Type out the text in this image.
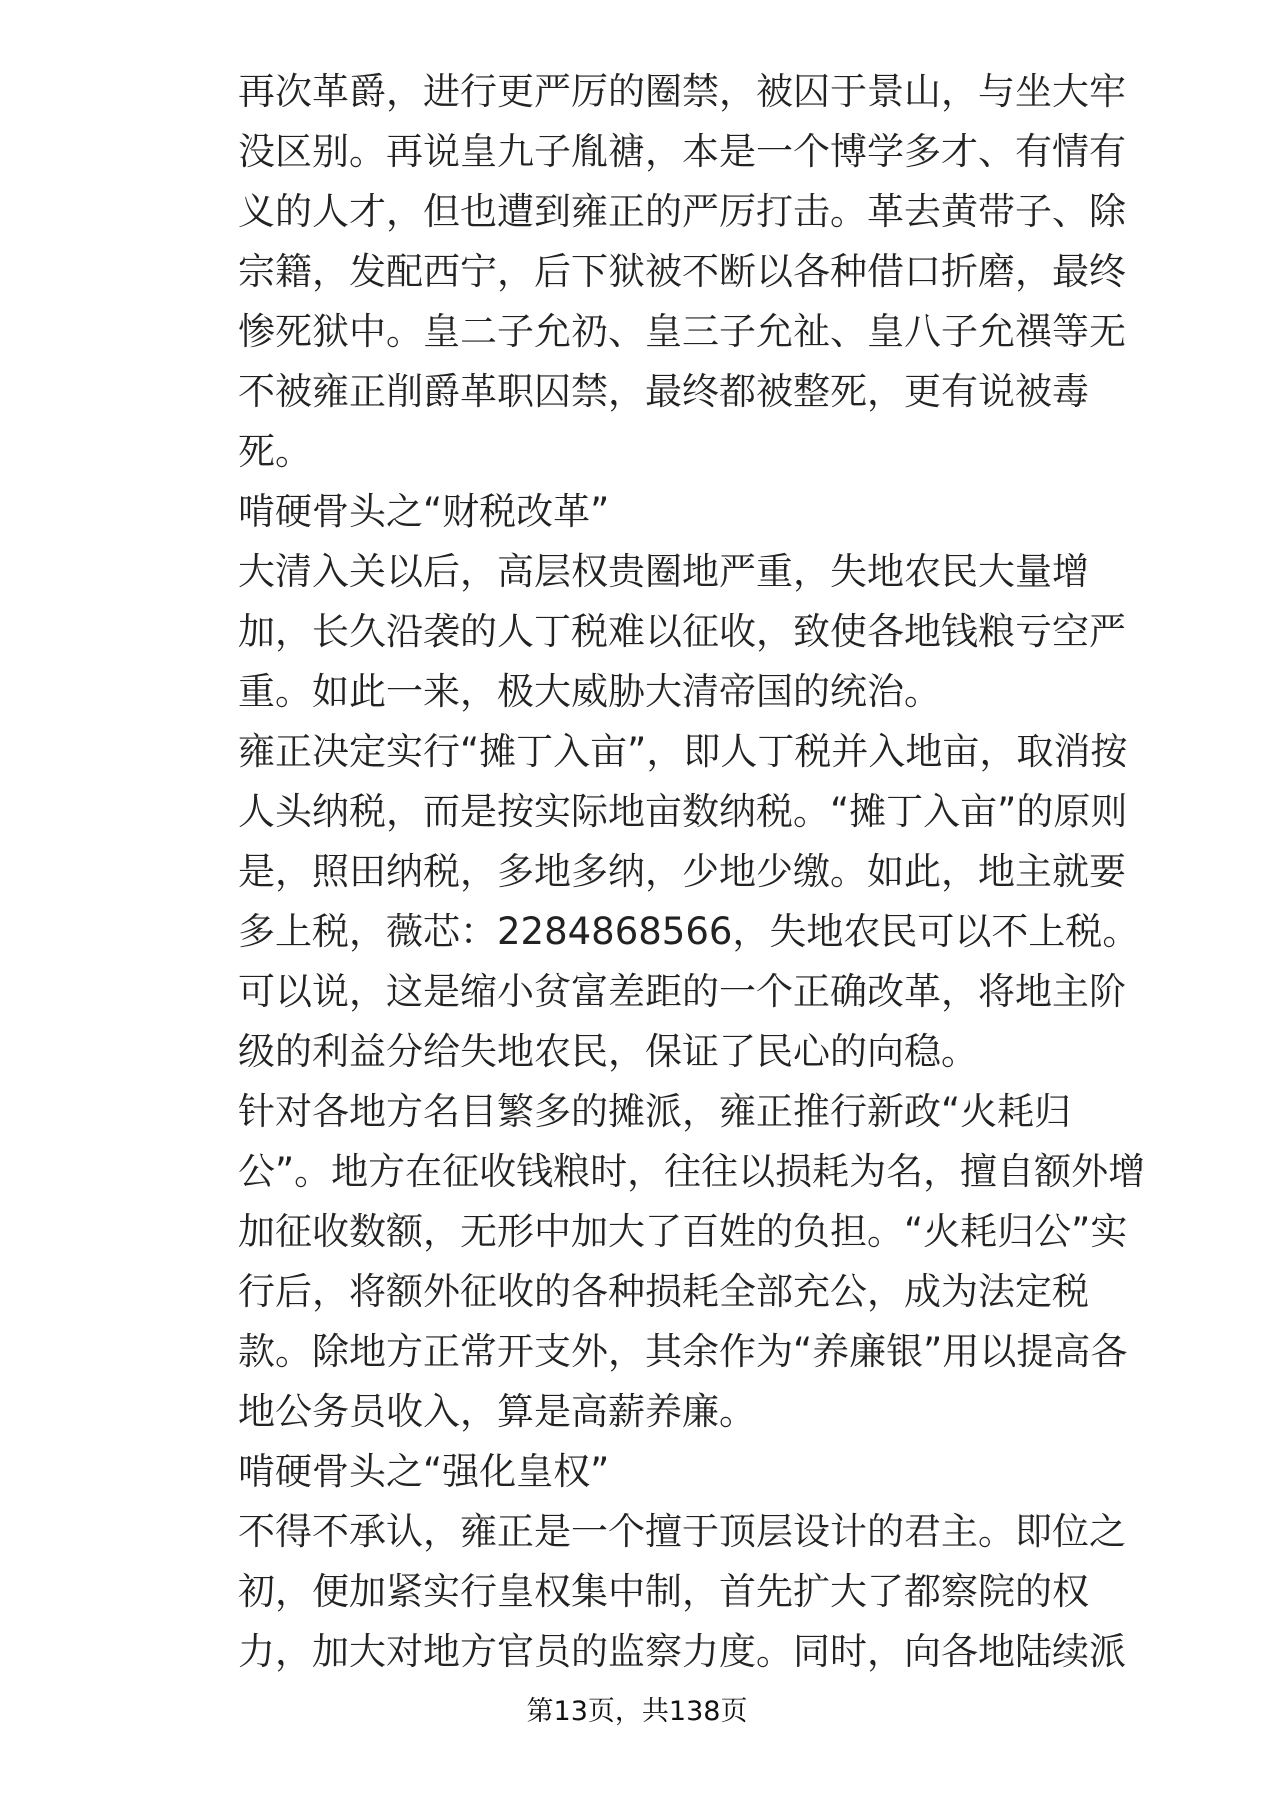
再次革爵，进行更严厉的圈禁，被囚于景山，与坐大牢
没区别。再说皇九子胤禟，本是一个博学多才、有情有
义的人才，但也遭到雍正的严厉打击。革去黄带子、除
宗籍，发配西宁，后下狱被不断以各种借口折磨，最终
惨死狱中。皇二子允礽、皇三子允祉、皇八子允禩等无
不被雍正削爵革职囚禁，最终都被整死，更有说被毒
死。
啃硬骨头之“财税改革”
大清入关以后，高层权贵圈地严重，失地农民大量增
加，长久沿袭的人丁税难以征收，致使各地钱粮亏空严
重。如此一来，极大威胁大清帝国的统治。
雍正决定实行“摊丁入亩”，即人丁税并入地亩，取消按
人头纳税，而是按实际地亩数纳税。“摊丁入亩”的原则
是，照田纳税，多地多纳，少地少缴。如此，地主就要
多上税，薇芯：2284868566，失地农民可以不上税。
可以说，这是缩小贫富差距的一个正确改革，将地主阶
级的利益分给失地农民，保证了民心的向稳。
针对各地方名目繁多的摊派，雍正推行新政“火耗归
公”。地方在征收钱粮时，往往以损耗为名，擅自额外增
加征收数额，无形中加大了百姓的负担。“火耗归公”实
行后，将额外征收的各种损耗全部充公，成为法定税
款。除地方正常开支外，其余作为“养廉银”用以提高各
地公务员收入，算是高薪养廉。
啃硬骨头之“强化皇权”
不得不承认，雍正是一个擅于顶层设计的君主。即位之
初，便加紧实行皇权集中制，首先扩大了都察院的权
力，加大对地方官员的监察力度。同时，向各地陆续派
第13页，共138页
